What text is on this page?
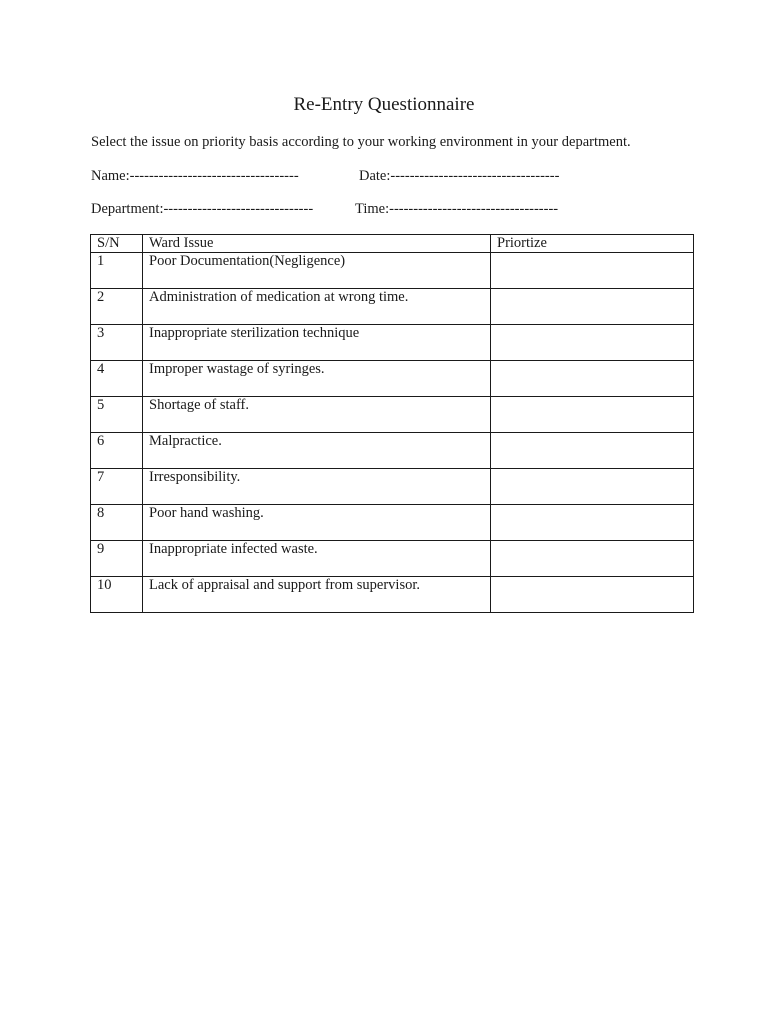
Re-Entry Questionnaire
Select the issue on priority basis according to your working environment in your department.
Name:-----------------------------------	Date:-----------------------------------
Department:-------------------------------	Time:-----------------------------------
S/N	Ward Issue	Priortize
1	Poor Documentation(Negligence)	
2	Administration of medication at wrong time.	
3	Inappropriate sterilization technique	
4	Improper wastage of syringes.	
5	Shortage of staff.	
6	Malpractice.	
7	Irresponsibility.	
8	Poor hand washing.	
9	Inappropriate infected waste.	
10	Lack of appraisal and support from supervisor.	
